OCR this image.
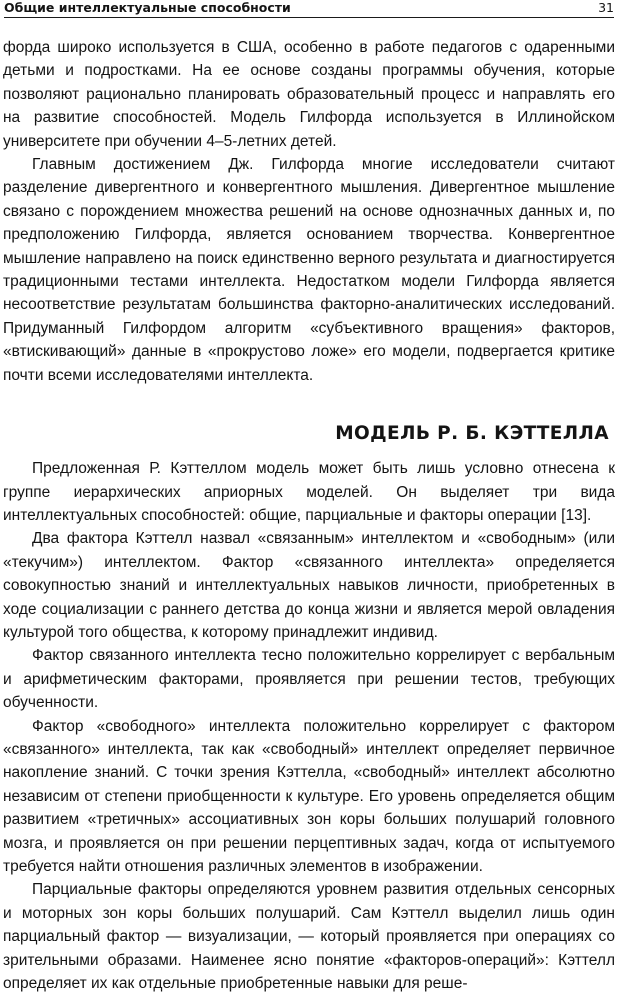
Общие интеллектуальные способности	31

форда широко используется в США, особенно в работе педагогов с одаренными детьми и подростками. На ее основе созданы программы обучения, которые позволяют рационально планировать образовательный процесс и направлять его на развитие способностей. Модель Гилфорда используется в Иллинойском университете при обучении 4–5-летних детей.

Главным достижением Дж. Гилфорда многие исследователи считают разделение дивергентного и конвергентного мышления. Дивергентное мышление связано с порождением множества решений на основе однозначных данных и, по предположению Гилфорда, является основанием творчества. Конвергентное мышление направлено на поиск единственно верного результата и диагностируется традиционными тестами интеллекта. Недостатком модели Гилфорда является несоответствие результатам большинства факторно-аналитических исследований. Придуманный Гилфордом алгоритм «субъективного вращения» факторов, «втискивающий» данные в «прокрустово ложе» его модели, подвергается критике почти всеми исследователями интеллекта.

МОДЕЛЬ Р. Б. КЭТТЕЛЛА

Предложенная Р. Кэттеллом модель может быть лишь условно отнесена к группе иерархических априорных моделей. Он выделяет три вида интеллектуальных способностей: общие, парциальные и факторы операции [13].

Два фактора Кэттелл назвал «связанным» интеллектом и «свободным» (или «текучим») интеллектом. Фактор «связанного интеллекта» определяется совокупностью знаний и интеллектуальных навыков личности, приобретенных в ходе социализации с раннего детства до конца жизни и является мерой овладения культурой того общества, к которому принадлежит индивид.

Фактор связанного интеллекта тесно положительно коррелирует с вербальным и арифметическим факторами, проявляется при решении тестов, требующих обученности.

Фактор «свободного» интеллекта положительно коррелирует с фактором «связанного» интеллекта, так как «свободный» интеллект определяет первичное накопление знаний. С точки зрения Кэттелла, «свободный» интеллект абсолютно независим от степени приобщенности к культуре. Его уровень определяется общим развитием «третичных» ассоциативных зон коры больших полушарий головного мозга, и проявляется он при решении перцептивных задач, когда от испытуемого требуется найти отношения различных элементов в изображении.

Парциальные факторы определяются уровнем развития отдельных сенсорных и моторных зон коры больших полушарий. Сам Кэттелл выделил лишь один парциальный фактор — визуализации, — который проявляется при операциях со зрительными образами. Наименее ясно понятие «факторов-операций»: Кэттелл определяет их как отдельные приобретенные навыки для реше-
